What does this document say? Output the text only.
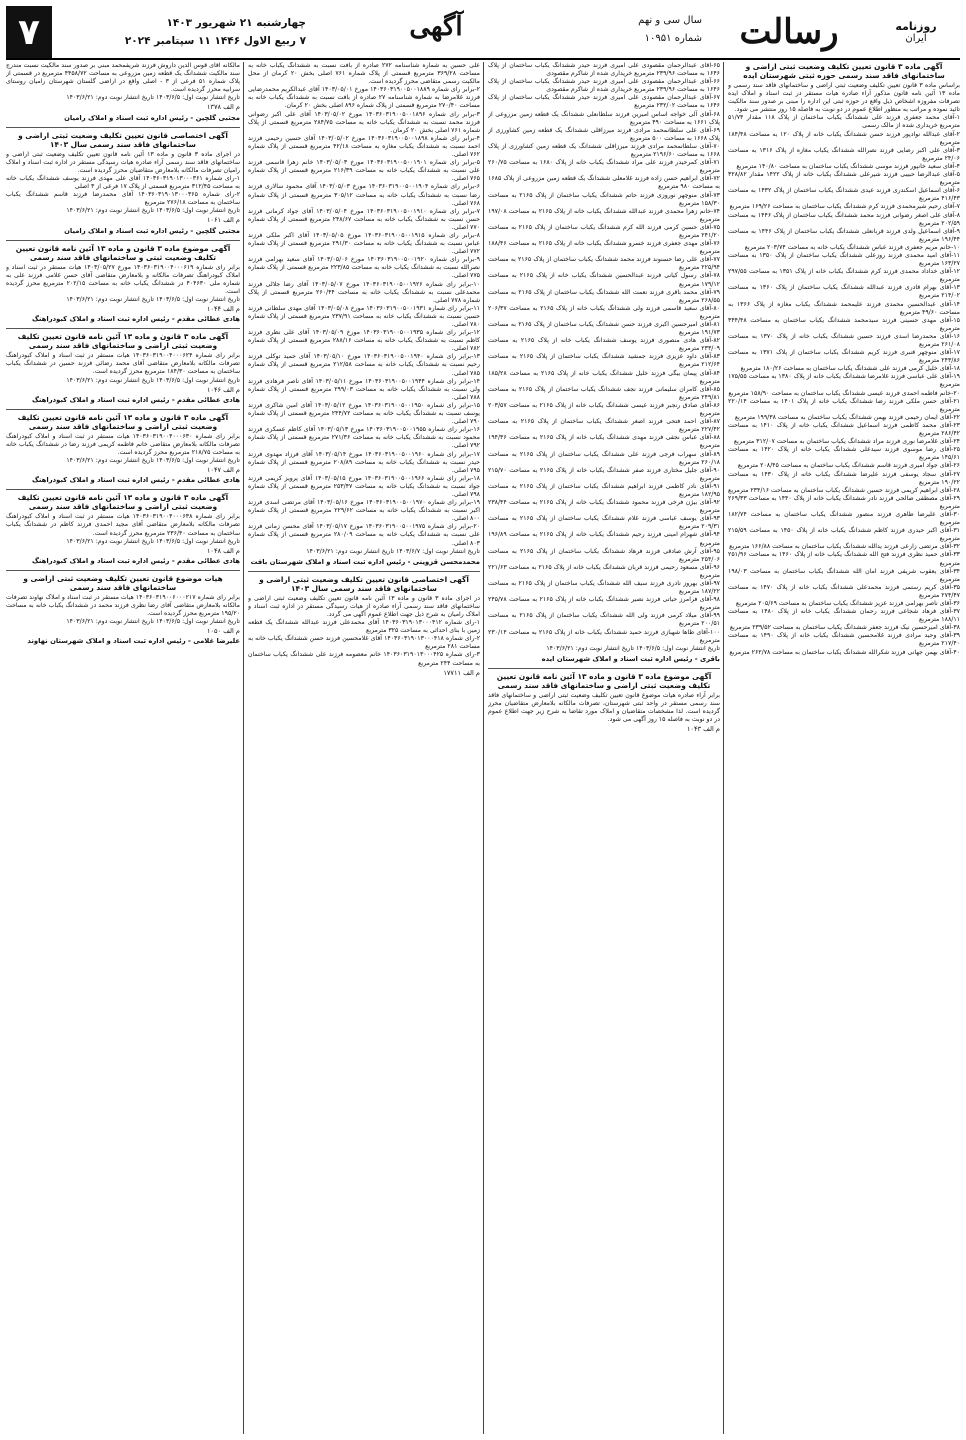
روزنامه
ایران
رسالت
سال سی و نهم
شماره ۱۰۹۵۱
آگهی
چهارشنبه ۲۱ شهریور ۱۴۰۳
۷ ربیع الاول ۱۴۴۶ ۱۱ سپتامبر ۲۰۲۴
۷
آگهی ماده ۳ قانون تعیین تکلیف وضعیت ثبتی اراضی و ساختمانهای فاقد سند رسمی حوزه ثبتی شهرستان ایده

براساس ماده ۳ قانون تعیین تکلیف وضعیت ثبتی اراضی و ساختمانهای فاقد سند رسمی و ماده ۱۳ آئین نامه قانون مذکور آراء صادره هیات مستقر در ثبت اسناد و املاک ایده تصرفات مفروزه اشخاص ذیل واقع در حوزه ثبتی این اداره را مبنی بر صدور سند مالکیت تائید نموده و مراتب به منظور اطلاع عموم در دو نوبت به فاصله ۱۵ روز منتشر می شود.

۱-آقای محمد جعفری فرزند علی ششدانگ یکباب ساختمان از پلاک ۱۱۸ مقدار ۵۱/۷۴ مترمربع خریداری شده از مالک رسمی

۲-آقای عبدالله نوادپور فرزند حسن ششدانگ یکباب خانه از پلاک ۱۲۰ به مساحت ۱۸۴/۴۸ مترمربع

۳-آقای علی اکبر رضایی فرزند نصرالله ششدانگ یکباب مغازه از پلاک ۱۳۱۶ به مساحت ۲۴/۰۶ مترمربع

۴-آقای سعید خانپور فرزند موسی ششدانگ یکباب ساختمان به مساحت ۱۴۰/۸۰ مترمربع

۵-آقای عبدالرضا حبیبی فرزند شیرعلی ششدانگ یکباب خانه از پلاک ۱۴۲۲ مقدار ۳۲۸/۸۲ مترمربع

۶-آقای اسماعیل اسکندری فرزند عیدی ششدانگ یکباب ساختمان از پلاک ۱۴۳۲ به مساحت ۴۱۶/۴۳ مترمربع

۷-آقای رحیم شیرمحمدی فرزند کرم ششدانگ یکباب ساختمان به مساحت ۱۶۹/۲۶ مترمربع

۸-آقای علی اصغر رضوانی فرزند محمد ششدانگ یکباب ساختمان از پلاک ۱۴۴۶ به مساحت ۲۰۲/۵۹ مترمربع

۹-آقای اسماعیل ولدی فرزند قربانعلی ششدانگ یکباب ساختمان از پلاک ۱۴۴۶ به مساحت ۱۹۶/۴۴ مترمربع

۱۰-خانم مریم جعفری فرزند عباس ششدانگ یکباب خانه به مساحت ۲۰۳/۷۴ مترمربع

۱۱-آقای امید محمدی فرزند روزعلی ششدانگ یکباب ساختمان از پلاک ۱۳۵۰ به مساحت ۱۶۳/۲۷ مترمربع

۱۲-آقای خداداد محمدی فرزند کرم ششدانگ یکباب خانه از پلاک ۱۳۵۱ به مساحت ۲۹۷/۵۵ مترمربع

۱۳-آقای بهرام قادری فرزند عبدالله ششدانگ یکباب ساختمان از پلاک ۱۳۶۰ به مساحت ۲۱۴/۰۲ مترمربع

۱۴-آقای عبدالحسین محمدی فرزند علیمحمد ششدانگ یکباب مغازه از پلاک ۱۳۶۶ به مساحت ۴۹/۶۰ مترمربع

۱۵-آقای مهدی حسینی فرزند سیدمحمد ششدانگ یکباب ساختمان به مساحت ۳۴۴/۴۸ مترمربع

۱۶-آقای محمدرضا اسدی فرزند حسین ششدانگ یکباب خانه از پلاک ۱۳۷۰ به مساحت ۲۶۱/۰۸ مترمربع

۱۷-آقای منوچهر قنبری فرزند کریم ششدانگ یکباب ساختمان از پلاک ۱۳۷۱ به مساحت ۲۴۳/۸۶ مترمربع

۱۸-آقای خلیل کرمی فرزند علی ششدانگ یکباب ساختمان به مساحت ۱۸۰/۲۶ مترمربع

۱۹-آقای علی عباسی فرزند غلامرضا ششدانگ یکباب خانه از پلاک ۱۳۸۰ به مساحت ۱۷۵/۵۵ مترمربع

۲۰-خانم فاطمه احمدی فرزند عیسی ششدانگ یکباب ساختمان به مساحت ۱۵۸/۹۰ مترمربع

۲۱-آقای حسن ملکی فرزند رضا ششدانگ یکباب خانه از پلاک ۱۴۰۱ به مساحت ۲۲۰/۱۴ مترمربع

۲۲-آقای ایمان رحیمی فرزند بهمن ششدانگ یکباب ساختمان به مساحت ۱۹۹/۳۸ مترمربع

۲۳-آقای محمد کاظمی فرزند اسماعیل ششدانگ یکباب خانه از پلاک ۱۴۱۰ به مساحت ۲۸۶/۴۲ مترمربع

۲۴-آقای غلامرضا نوری فرزند مراد ششدانگ یکباب ساختمان به مساحت ۳۱۲/۰۷ مترمربع

۲۵-آقای رضا موسوی فرزند سیدعلی ششدانگ یکباب خانه از پلاک ۱۴۲۰ به مساحت ۱۴۵/۶۱ مترمربع

۲۶-آقای جواد امیری فرزند قاسم ششدانگ یکباب ساختمان به مساحت ۲۰۸/۴۵ مترمربع

۲۷-آقای سجاد یوسفی فرزند علیرضا ششدانگ یکباب خانه از پلاک ۱۴۳۰ به مساحت ۱۹۰/۲۲ مترمربع

۲۸-آقای ابراهیم کریمی فرزند حسین ششدانگ یکباب ساختمان به مساحت ۲۳۴/۱۶ مترمربع

۲۹-آقای مصطفی صالحی فرزند نادر ششدانگ یکباب خانه از پلاک ۱۴۴۰ به مساحت ۲۶۹/۳۳ مترمربع

۳۰-آقای علیرضا طاهری فرزند منصور ششدانگ یکباب ساختمان به مساحت ۱۸۲/۷۴ مترمربع

۳۱-آقای اکبر حیدری فرزند کاظم ششدانگ یکباب خانه از پلاک ۱۴۵۰ به مساحت ۲۱۵/۵۹ مترمربع

۳۲-آقای مرتضی زارعی فرزند یدالله ششدانگ یکباب ساختمان به مساحت ۱۶۶/۸۸ مترمربع

۳۳-آقای حمید نظری فرزند فتح الله ششدانگ یکباب خانه از پلاک ۱۴۶۰ به مساحت ۲۵۱/۹۶ مترمربع

۳۴-آقای یعقوب شریفی فرزند امان الله ششدانگ یکباب ساختمان به مساحت ۱۹۸/۰۳ مترمربع

۳۵-آقای کریم رستمی فرزند محمدعلی ششدانگ یکباب خانه از پلاک ۱۴۷۰ به مساحت ۲۷۴/۴۷ مترمربع

۳۶-آقای ناصر بهرامی فرزند عزیز ششدانگ یکباب ساختمان به مساحت ۲۰۵/۶۹ مترمربع

۳۷-آقای فرهاد شجاعی فرزند رحمان ششدانگ یکباب خانه از پلاک ۱۴۸۰ به مساحت ۱۸۸/۱۱ مترمربع

۳۸-آقای امیرحسین نیک فرزند جعفر ششدانگ یکباب ساختمان به مساحت ۲۳۹/۵۲ مترمربع

۳۹-آقای وحید مرادی فرزند غلامحسین ششدانگ یکباب خانه از پلاک ۱۴۹۰ به مساحت ۲۱۷/۴۰ مترمربع

۴۰-آقای بهمن جهانی فرزند شکرالله ششدانگ یکباب ساختمان به مساحت ۲۶۲/۷۸ مترمربع

۶۵-آقای عبدالرحمان مقصودی علی امیری فرزند حیدر ششدانگ یکباب ساختمان از پلاک ۱۶۴۶ به مساحت ۲۳۹/۹۶ مترمربع خریداری شده از شاکرم مقصودی

۶۶-آقای عبدالرحمان مقصودی علی امیری فرزند حیدر ششدانگ یکباب ساختمان از پلاک ۱۶۴۶ به مساحت ۲۳۹/۹۶ مترمربع خریداری شده از شاکرم مقصودی

۶۷-آقای عبدالرحمان مقصودی علی امیری فرزند حیدر ششدانگ یکباب ساختمان از پلاک ۱۶۴۶ به مساحت ۲۳۲/۰۲ مترمربع

۶۸-آقای آلی خواجه اساس امیرین فرزند سلطانعلی ششدانگ یک قطعه زمین مزروعی از پلاک ۱۶۶۱ به مساحت ۴۹۰ مترمربع

۶۹-آقای علی سلطانمحمد مرادی فرزند میرزاقلی ششدانگ یک قطعه زمین کشاورزی از پلاک ۱۶۶۸ به مساحت ۵۰۰ مترمربع

۷۰-آقای سلطانمحمد مرادی فرزند میرزاقلی ششدانگ یک قطعه زمین کشاورزی از پلاک ۱۶۶۸ به مساحت ۲۱۹۶/۶۰ مترمربع

۷۱-آقای کمرحیدر فرزند علی مراد ششدانگ یکباب خانه از پلاک ۱۶۸۰ به مساحت ۲۶۰/۷۵ مترمربع

۷۲-آقای ابراهیم حسن زاده فرزند غلامعلی ششدانگ یک قطعه زمین مزروعی از پلاک ۱۶۸۵ به مساحت ۹۸۰ مترمربع

۷۳-آقای منوچهر نوروزی فرزند حاتم ششدانگ یکباب ساختمان از پلاک ۲۱۶۵ به مساحت ۱۵۸/۳۰ مترمربع

۷۴-خانم زهرا محمدی فرزند عبدالله ششدانگ یکباب خانه از پلاک ۲۱۶۵ به مساحت ۱۹۷/۰۸ مترمربع

۷۵-آقای حسین کرمی فرزند الله کرم ششدانگ یکباب ساختمان از پلاک ۲۱۶۵ به مساحت ۲۴۱/۲۰ مترمربع

۷۶-آقای مهدی جعفری فرزند خسرو ششدانگ یکباب خانه از پلاک ۲۱۶۵ به مساحت ۱۸۸/۴۶ مترمربع

۷۷-آقای علی رضا حسنوند فرزند محمد ششدانگ یکباب ساختمان از پلاک ۲۱۶۵ به مساحت ۲۲۵/۹۴ مترمربع

۷۸-آقای رسول کیانی فرزند عبدالحسین ششدانگ یکباب خانه از پلاک ۲۱۶۵ به مساحت ۱۷۹/۱۲ مترمربع

۷۹-آقای محمد باقری فرزند نعمت الله ششدانگ یکباب ساختمان از پلاک ۲۱۶۵ به مساحت ۲۶۸/۵۵ مترمربع

۸۰-آقای سعید قاسمی فرزند ولی ششدانگ یکباب خانه از پلاک ۲۱۶۵ به مساحت ۲۰۶/۳۷ مترمربع

۸۱-آقای امیرحسین اکبری فرزند حسن ششدانگ یکباب ساختمان از پلاک ۲۱۶۵ به مساحت ۱۹۱/۷۳ مترمربع

۸۲-آقای هادی منصوری فرزند یوسف ششدانگ یکباب خانه از پلاک ۲۱۶۵ به مساحت ۲۳۳/۰۹ مترمربع

۸۳-آقای داود عزیزی فرزند جمشید ششدانگ یکباب ساختمان از پلاک ۲۱۶۵ به مساحت ۲۱۲/۶۴ مترمربع

۸۴-آقای پیمان بیگی فرزند خلیل ششدانگ یکباب خانه از پلاک ۲۱۶۵ به مساحت ۱۸۵/۲۸ مترمربع

۸۵-آقای کامران سلیمانی فرزند نجف ششدانگ یکباب ساختمان از پلاک ۲۱۶۵ به مساحت ۲۴۹/۸۱ مترمربع

۸۶-آقای صادق رنجبر فرزند عیسی ششدانگ یکباب خانه از پلاک ۲۱۶۵ به مساحت ۲۰۳/۵۷ مترمربع

۸۷-آقای احمد فتحی فرزند اصغر ششدانگ یکباب ساختمان از پلاک ۲۱۶۵ به مساحت ۲۲۷/۴۲ مترمربع

۸۸-آقای عباس نجفی فرزند مهدی ششدانگ یکباب خانه از پلاک ۲۱۶۵ به مساحت ۱۹۴/۳۶ مترمربع

۸۹-آقای سهراب فرجی فرزند علی ششدانگ یکباب ساختمان از پلاک ۲۱۶۵ به مساحت ۲۶۰/۱۸ مترمربع

۹۰-آقای جلیل مختاری فرزند صفر ششدانگ یکباب خانه از پلاک ۲۱۶۵ به مساحت ۲۱۵/۷۰ مترمربع

۹۱-آقای نادر کاظمی فرزند ابراهیم ششدانگ یکباب ساختمان از پلاک ۲۱۶۵ به مساحت ۱۸۲/۹۵ مترمربع

۹۲-آقای بیژن فرخی فرزند محمود ششدانگ یکباب خانه از پلاک ۲۱۶۵ به مساحت ۲۳۸/۴۴ مترمربع

۹۳-آقای یوسف عباسی فرزند غلام ششدانگ یکباب ساختمان از پلاک ۲۱۶۵ به مساحت ۲۰۹/۳۱ مترمربع

۹۴-آقای شهرام امینی فرزند رحیم ششدانگ یکباب خانه از پلاک ۲۱۶۵ به مساحت ۱۹۶/۸۹ مترمربع

۹۵-آقای آرش صادقی فرزند فرهاد ششدانگ یکباب ساختمان از پلاک ۲۱۶۵ به مساحت ۲۵۴/۰۶ مترمربع

۹۶-آقای مسعود رحیمی فرزند قربان ششدانگ یکباب خانه از پلاک ۲۱۶۵ به مساحت ۲۲۱/۶۳ مترمربع

۹۷-آقای بهروز نادری فرزند سیف الله ششدانگ یکباب ساختمان از پلاک ۲۱۶۵ به مساحت ۱۸۷/۲۲ مترمربع

۹۸-آقای فرامرز حیاتی فرزند نصیر ششدانگ یکباب خانه از پلاک ۲۱۶۵ به مساحت ۲۴۵/۷۸ مترمربع

۹۹-آقای میلاد کرمی فرزند ولی الله ششدانگ یکباب ساختمان از پلاک ۲۱۶۵ به مساحت ۲۰۰/۵۱ مترمربع

۱۰۰-آقای طاها شهبازی فرزند حمید ششدانگ یکباب خانه از پلاک ۲۱۶۵ به مساحت ۲۳۰/۱۴ مترمربع

تاریخ انتشار نوبت اول: ۱۴۰۳/۶/۵ تاریخ انتشار نوبت دوم: ۱۴۰۳/۶/۲۱

باقری - رئیس اداره ثبت اسناد و املاک شهرستان ایده
آگهی موضوع ماده ۳ قانون و ماده ۱۳ آئین نامه قانون تعیین تکلیف وضعیت ثبتی اراضی و ساختمانهای فاقد سند رسمی

برابر آراء صادره هیات موضوع قانون تعیین تکلیف وضعیت ثبتی اراضی و ساختمانهای فاقد سند رسمی مستقر در واحد ثبتی شهرستان، تصرفات مالکانه بلامعارض متقاضیان محرز گردیده است. لذا مشخصات متقاضیان و املاک مورد تقاضا به شرح زیر جهت اطلاع عموم در دو نوبت به فاصله ۱۵ روز آگهی می شود.

م الف ۱۰۴۳

علی حسین به شماره شناسنامه ۲۷۲ صادره از بافت نسبت به ششدانگ یکباب خانه به مساحت ۳۶۹/۲۸ مترمربع قسمتی از پلاک شماره ۷۶۱ اصلی بخش ۲۰ کرمان از محل مالکیت رسمی متقاضی محرز گردیده است.

۲-برابر رای شماره ۱۴۰۳۶۰۳۱۹۰۰۵۰۰۱۸۸۹ مورخ ۱۴۰۳/۰۵/۰۱ آقای عبدالکریم محمدرضایی فرزند غلامرضا به شماره شناسنامه ۲۷ صادره از بافت نسبت به ششدانگ یکباب خانه به مساحت ۲۷۰/۴۰ مترمربع قسمتی از پلاک شماره ۸۹۶ اصلی بخش ۲۰ کرمان.

۳-برابر رای شماره ۱۴۰۳۶۰۳۱۹۰۰۵۰۰۱۸۹۶ مورخ ۱۴۰۳/۰۵/۰۲ آقای علی اکبر رضوانی فرزند محمد نسبت به ششدانگ یکباب خانه به مساحت ۲۸۴/۷۵ مترمربع قسمتی از پلاک شماره ۷۶۱ اصلی بخش ۲۰ کرمان.

۴-برابر رای شماره ۱۴۰۳۶۰۳۱۹۰۰۵۰۰۱۸۹۸ مورخ ۱۴۰۳/۰۵/۰۲ آقای حسین رحیمی فرزند احمد نسبت به ششدانگ یکباب مغازه به مساحت ۴۲/۱۸ مترمربع قسمتی از پلاک شماره ۷۶۲ اصلی.

۵-برابر رای شماره ۱۴۰۳۶۰۳۱۹۰۰۵۰۰۱۹۰۱ مورخ ۱۴۰۳/۰۵/۰۳ خانم زهرا قاسمی فرزند علی نسبت به ششدانگ یکباب خانه به مساحت ۲۱۶/۳۹ مترمربع قسمتی از پلاک شماره ۷۶۵ اصلی.

۶-برابر رای شماره ۱۴۰۳۶۰۳۱۹۰۰۵۰۰۱۹۰۴ مورخ ۱۴۰۳/۰۵/۰۳ آقای محمود سالاری فرزند رضا نسبت به ششدانگ یکباب خانه به مساحت ۳۰۵/۱۲ مترمربع قسمتی از پلاک شماره ۷۶۸ اصلی.

۷-برابر رای شماره ۱۴۰۳۶۰۳۱۹۰۰۵۰۰۱۹۱۰ مورخ ۱۴۰۳/۰۵/۰۴ آقای جواد کرمانی فرزند حسن نسبت به ششدانگ یکباب خانه به مساحت ۲۴۸/۶۷ مترمربع قسمتی از پلاک شماره ۷۷۰ اصلی.

۸-برابر رای شماره ۱۴۰۳۶۰۳۱۹۰۰۵۰۰۱۹۱۵ مورخ ۱۴۰۳/۰۵/۰۵ آقای اکبر ملکی فرزند عباس نسبت به ششدانگ یکباب خانه به مساحت ۲۹۱/۳۰ مترمربع قسمتی از پلاک شماره ۷۷۲ اصلی.

۹-برابر رای شماره ۱۴۰۳۶۰۳۱۹۰۰۵۰۰۱۹۲۰ مورخ ۱۴۰۳/۰۵/۰۶ آقای سعید بهرامی فرزند نصرالله نسبت به ششدانگ یکباب خانه به مساحت ۲۲۳/۸۵ مترمربع قسمتی از پلاک شماره ۷۷۵ اصلی.

۱۰-برابر رای شماره ۱۴۰۳۶۰۳۱۹۰۰۵۰۰۱۹۲۶ مورخ ۱۴۰۳/۰۵/۰۷ آقای رضا جلالی فرزند محمدعلی نسبت به ششدانگ یکباب خانه به مساحت ۲۶۰/۴۴ مترمربع قسمتی از پلاک شماره ۷۷۸ اصلی.

۱۱-برابر رای شماره ۱۴۰۳۶۰۳۱۹۰۰۵۰۰۱۹۳۱ مورخ ۱۴۰۳/۰۵/۰۸ آقای مهدی سلطانی فرزند حسین نسبت به ششدانگ یکباب خانه به مساحت ۲۳۷/۹۱ مترمربع قسمتی از پلاک شماره ۷۸۰ اصلی.

۱۲-برابر رای شماره ۱۴۰۳۶۰۳۱۹۰۰۵۰۰۱۹۳۵ مورخ ۱۴۰۳/۰۵/۰۹ آقای علی نظری فرزند کاظم نسبت به ششدانگ یکباب خانه به مساحت ۲۸۸/۱۶ مترمربع قسمتی از پلاک شماره ۷۸۲ اصلی.

۱۳-برابر رای شماره ۱۴۰۳۶۰۳۱۹۰۰۵۰۰۱۹۴۰ مورخ ۱۴۰۳/۰۵/۱۰ آقای حمید توکلی فرزند رحیم نسبت به ششدانگ یکباب خانه به مساحت ۲۱۲/۵۸ مترمربع قسمتی از پلاک شماره ۷۸۵ اصلی.

۱۴-برابر رای شماره ۱۴۰۳۶۰۳۱۹۰۰۵۰۰۱۹۴۴ مورخ ۱۴۰۳/۰۵/۱۱ آقای ناصر فرهادی فرزند ولی نسبت به ششدانگ یکباب خانه به مساحت ۲۹۹/۰۳ مترمربع قسمتی از پلاک شماره ۷۸۸ اصلی.

۱۵-برابر رای شماره ۱۴۰۳۶۰۳۱۹۰۰۵۰۰۱۹۵۰ مورخ ۱۴۰۳/۰۵/۱۲ آقای امین شاکری فرزند یوسف نسبت به ششدانگ یکباب خانه به مساحت ۲۴۴/۷۲ مترمربع قسمتی از پلاک شماره ۷۹۰ اصلی.

۱۶-برابر رای شماره ۱۴۰۳۶۰۳۱۹۰۰۵۰۰۱۹۵۵ مورخ ۱۴۰۳/۰۵/۱۳ آقای کاظم عسکری فرزند محمود نسبت به ششدانگ یکباب خانه به مساحت ۲۷۱/۳۶ مترمربع قسمتی از پلاک شماره ۷۹۲ اصلی.

۱۷-برابر رای شماره ۱۴۰۳۶۰۳۱۹۰۰۵۰۰۱۹۶۰ مورخ ۱۴۰۳/۰۵/۱۴ آقای فرزاد مهدوی فرزند حیدر نسبت به ششدانگ یکباب خانه به مساحت ۲۰۸/۸۹ مترمربع قسمتی از پلاک شماره ۷۹۵ اصلی.

۱۸-برابر رای شماره ۱۴۰۳۶۰۳۱۹۰۰۵۰۰۱۹۶۶ مورخ ۱۴۰۳/۰۵/۱۵ آقای پرویز کریمی فرزند جواد نسبت به ششدانگ یکباب خانه به مساحت ۲۵۳/۴۷ مترمربع قسمتی از پلاک شماره ۷۹۸ اصلی.

۱۹-برابر رای شماره ۱۴۰۳۶۰۳۱۹۰۰۵۰۰۱۹۷۰ مورخ ۱۴۰۳/۰۵/۱۶ آقای مرتضی اسدی فرزند اکبر نسبت به ششدانگ یکباب خانه به مساحت ۲۲۹/۶۲ مترمربع قسمتی از پلاک شماره ۸۰۰ اصلی.

۲۰-برابر رای شماره ۱۴۰۳۶۰۳۱۹۰۰۵۰۰۱۹۷۵ مورخ ۱۴۰۳/۰۵/۱۷ آقای محسن زمانی فرزند علی نسبت به ششدانگ یکباب خانه به مساحت ۲۸۰/۰۹ مترمربع قسمتی از پلاک شماره ۸۰۳ اصلی.

تاریخ انتشار نوبت اول: ۱۴۰۳/۶/۷ تاریخ انتشار نوبت دوم: ۱۴۰۳/۶/۲۱

محمدمحسن قزوینی - رئیس اداره ثبت اسناد و املاک شهرستان بافت
آگهی اختصاصی قانون تعیین تکلیف وضعیت ثبتی اراضی و ساختمانهای فاقد سند رسمی سال ۱۴۰۳

در اجرای ماده ۳ قانون و ماده ۱۳ آئین نامه قانون تعیین تکلیف وضعیت ثبتی اراضی و ساختمانهای فاقد سند رسمی آراء صادره از هیات رسیدگی مستقر در اداره ثبت اسناد و املاک رامیان به شرح ذیل جهت اطلاع عموم آگهی می گردد.

۱-رای شماره ۱۴۰۳۶۰۳۱۹۰۱۳۰۰۰۴۱۲ آقای محمدعلی فرزند عبدالله ششدانگ یک قطعه زمین با بنای احداثی به مساحت ۳۲۵ مترمربع

۲-رای شماره ۱۴۰۳۶۰۳۱۹۰۱۳۰۰۰۴۱۸ آقای غلامحسین فرزند حسن ششدانگ یکباب خانه به مساحت ۲۸۱ مترمربع

۳-رای شماره ۱۴۰۳۶۰۳۱۹۰۱۳۰۰۰۴۲۵ خانم معصومه فرزند علی ششدانگ یکباب ساختمان به مساحت ۲۴۴ مترمربع

م الف ۱۷۷۱۱

مالکانه آقای قوس الدین داروش فرزند شریفمحمد مبنی بر صدور سند مالکیت نسبت مندرج سند مالکیت ششدانگ یک قطعه زمین مزروعی به مساحت ۴۴۵۸/۷۲ مترمربع در قسمتی از پلاک شماره ۵۱ فرعی از ۳ - اصلی واقع در اراضی گلستان شهرستان رامیان روستای سرابیه محرز گردیده است.

تاریخ انتشار نوبت اول: ۱۴۰۳/۶/۵ تاریخ انتشار نوبت دوم: ۱۴۰۳/۶/۲۱

م الف ۱۳۷۸
مجتبی گلچین - رئیس اداره ثبت اسناد و املاک رامیان
آگهی اختصاصی قانون تعیین تکلیف وضعیت ثبتی اراضی و ساختمانهای فاقد سند رسمی سال ۱۴۰۳

در اجرای ماده ۳ قانون و ماده ۱۳ آئین نامه قانون تعیین تکلیف وضعیت ثبتی اراضی و ساختمانهای فاقد سند رسمی آراء صادره هیات رسیدگی مستقر در اداره ثبت اسناد و املاک رامیان تصرفات مالکانه بلامعارض متقاضیان محرز گردیده است.

۱-رای شماره ۱۴۰۳۶۰۳۱۹۰۱۳۰۰۰۳۶۱ آقای علی مهدی فرزند یوسف ششدانگ یکباب خانه به مساحت ۳۱۲/۴۵ مترمربع قسمتی از پلاک ۱۷ فرعی از ۳ اصلی

۲-رای شماره ۱۴۰۳۶۰۳۱۹۰۱۳۰۰۰۳۶۵ آقای محمدرضا فرزند قاسم ششدانگ یکباب ساختمان به مساحت ۲۷۶/۱۸ مترمربع

تاریخ انتشار نوبت اول: ۱۴۰۳/۶/۵ تاریخ انتشار نوبت دوم: ۱۴۰۳/۶/۲۱

م الف ۱۰۶۱
مجتبی گلچین - رئیس اداره ثبت اسناد و املاک رامیان
آگهی موضوع ماده ۳ قانون و ماده ۱۳ آئین نامه قانون تعیین تکلیف وضعیت ثبتی و ساختمانهای فاقد سند رسمی

برابر رای شماره ۱۴۰۳۶۰۳۱۹۰۰۴۰۰۰۶۱۹ مورخ ۱۴۰۳/۰۵/۲۷ هیات مستقر در ثبت اسناد و املاک کبودراهنگ تصرفات مالکانه و بلامعارض متقاضی آقای حسن غلامی فرزند علی به شماره ملی ۴۰۴۶۳۰ در ششدانگ یکباب خانه به مساحت ۲۰۲/۱۵ مترمربع محرز گردیده است.

تاریخ انتشار نوبت اول: ۱۴۰۳/۶/۵ تاریخ انتشار نوبت دوم: ۱۴۰۳/۶/۲۱

م الف ۱۰۴۴
هادی عطائی مقدم - رئیس اداره ثبت اسناد و املاک کبودراهنگ
آگهی ماده ۳ قانون و ماده ۱۳ آئین نامه قانون تعیین تکلیف وضعیت ثبتی اراضی و ساختمانهای فاقد سند رسمی

برابر رای شماره ۱۴۰۳۶۰۳۱۹۰۰۴۰۰۰۶۲۴ هیات مستقر در ثبت اسناد و املاک کبودراهنگ تصرفات مالکانه بلامعارض متقاضی آقای محمد رضائی فرزند حسین در ششدانگ یکباب ساختمان به مساحت ۱۸۴/۳۰ مترمربع محرز گردیده است.

تاریخ انتشار نوبت اول: ۱۴۰۳/۶/۵ تاریخ انتشار نوبت دوم: ۱۴۰۳/۶/۲۱

م الف ۱۰۴۶
هادی عطائی مقدم - رئیس اداره ثبت اسناد و املاک کبودراهنگ
آگهی ماده ۳ قانون و ماده ۱۳ آئین نامه قانون تعیین تکلیف وضعیت ثبتی اراضی و ساختمانهای فاقد سند رسمی

برابر رای شماره ۱۴۰۳۶۰۳۱۹۰۰۴۰۰۰۶۳۰ هیات مستقر در ثبت اسناد و املاک کبودراهنگ تصرفات مالکانه بلامعارض متقاضی خانم فاطمه کریمی فرزند رضا در ششدانگ یکباب خانه به مساحت ۲۱۸/۷۵ مترمربع محرز گردیده است.

تاریخ انتشار نوبت اول: ۱۴۰۳/۶/۵ تاریخ انتشار نوبت دوم: ۱۴۰۳/۶/۲۱

م الف ۱۰۴۷
هادی عطائی مقدم - رئیس اداره ثبت اسناد و املاک کبودراهنگ
آگهی ماده ۳ قانون و ماده ۱۳ آئین نامه قانون تعیین تکلیف وضعیت ثبتی اراضی و ساختمانهای فاقد سند رسمی

برابر رای شماره ۱۴۰۳۶۰۳۱۹۰۰۴۰۰۰۶۳۸ هیات مستقر در ثبت اسناد و املاک کبودراهنگ تصرفات مالکانه بلامعارض متقاضی آقای مجید احمدی فرزند کاظم در ششدانگ یکباب ساختمان به مساحت ۲۳۶/۴۰ مترمربع محرز گردیده است.

تاریخ انتشار نوبت اول: ۱۴۰۳/۶/۵ تاریخ انتشار نوبت دوم: ۱۴۰۳/۶/۲۱

م الف ۱۰۴۸
هادی عطائی مقدم - رئیس اداره ثبت اسناد و املاک کبودراهنگ
هیات موضوع قانون تعیین تکلیف وضعیت ثبتی اراضی و ساختمانهای فاقد سند رسمی

برابر رای شماره ۱۴۰۳۶۰۳۱۹۰۰۶۰۰۰۲۱۷ هیات مستقر در ثبت اسناد و املاک نهاوند تصرفات مالکانه بلامعارض متقاضی آقای رضا نظری فرزند محمد در ششدانگ یکباب خانه به مساحت ۱۹۵/۲۰ مترمربع محرز گردیده است.

تاریخ انتشار نوبت اول: ۱۴۰۳/۶/۵ تاریخ انتشار نوبت دوم: ۱۴۰۳/۶/۲۱

م الف ۱۰۵۰
علیرضا غلامی - رئیس اداره ثبت اسناد و املاک شهرستان نهاوند
